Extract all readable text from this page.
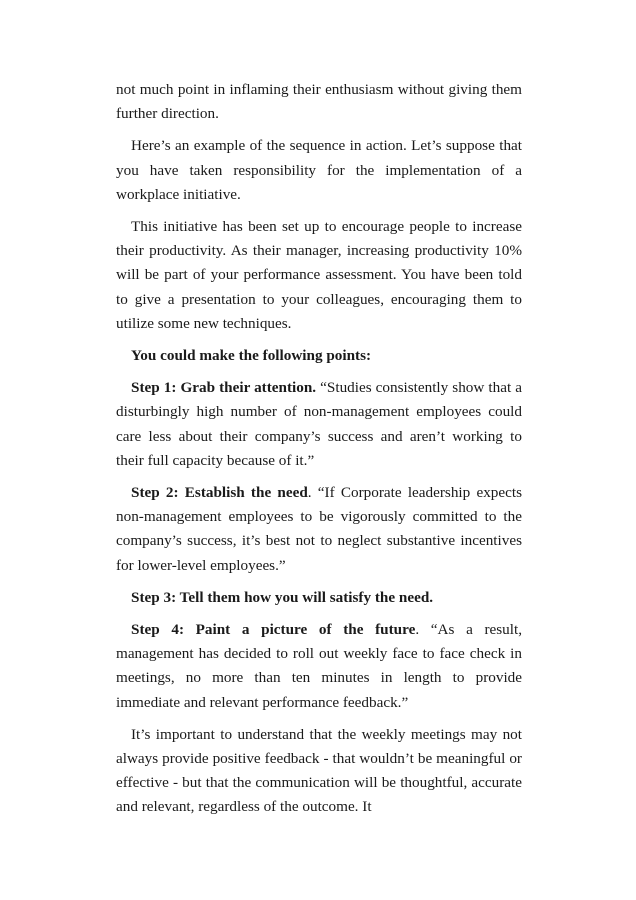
not much point in inflaming their enthusiasm without giving them further direction.

Here’s an example of the sequence in action. Let’s suppose that you have taken responsibility for the implementation of a workplace initiative.

This initiative has been set up to encourage people to increase their productivity. As their manager, increasing productivity 10% will be part of your performance assessment. You have been told to give a presentation to your colleagues, encouraging them to utilize some new techniques.

You could make the following points:

Step 1: Grab their attention. “Studies consistently show that a disturbingly high number of non-management employees could care less about their company’s success and aren’t working to their full capacity because of it.”

Step 2: Establish the need. “If Corporate leadership expects non-management employees to be vigorously committed to the company’s success, it’s best not to neglect substantive incentives for lower-level employees.”

Step 3: Tell them how you will satisfy the need.

Step 4: Paint a picture of the future. “As a result, management has decided to roll out weekly face to face check in meetings, no more than ten minutes in length to provide immediate and relevant performance feedback.”

It’s important to understand that the weekly meetings may not always provide positive feedback - that wouldn’t be meaningful or effective - but that the communication will be thoughtful, accurate and relevant, regardless of the outcome. It
